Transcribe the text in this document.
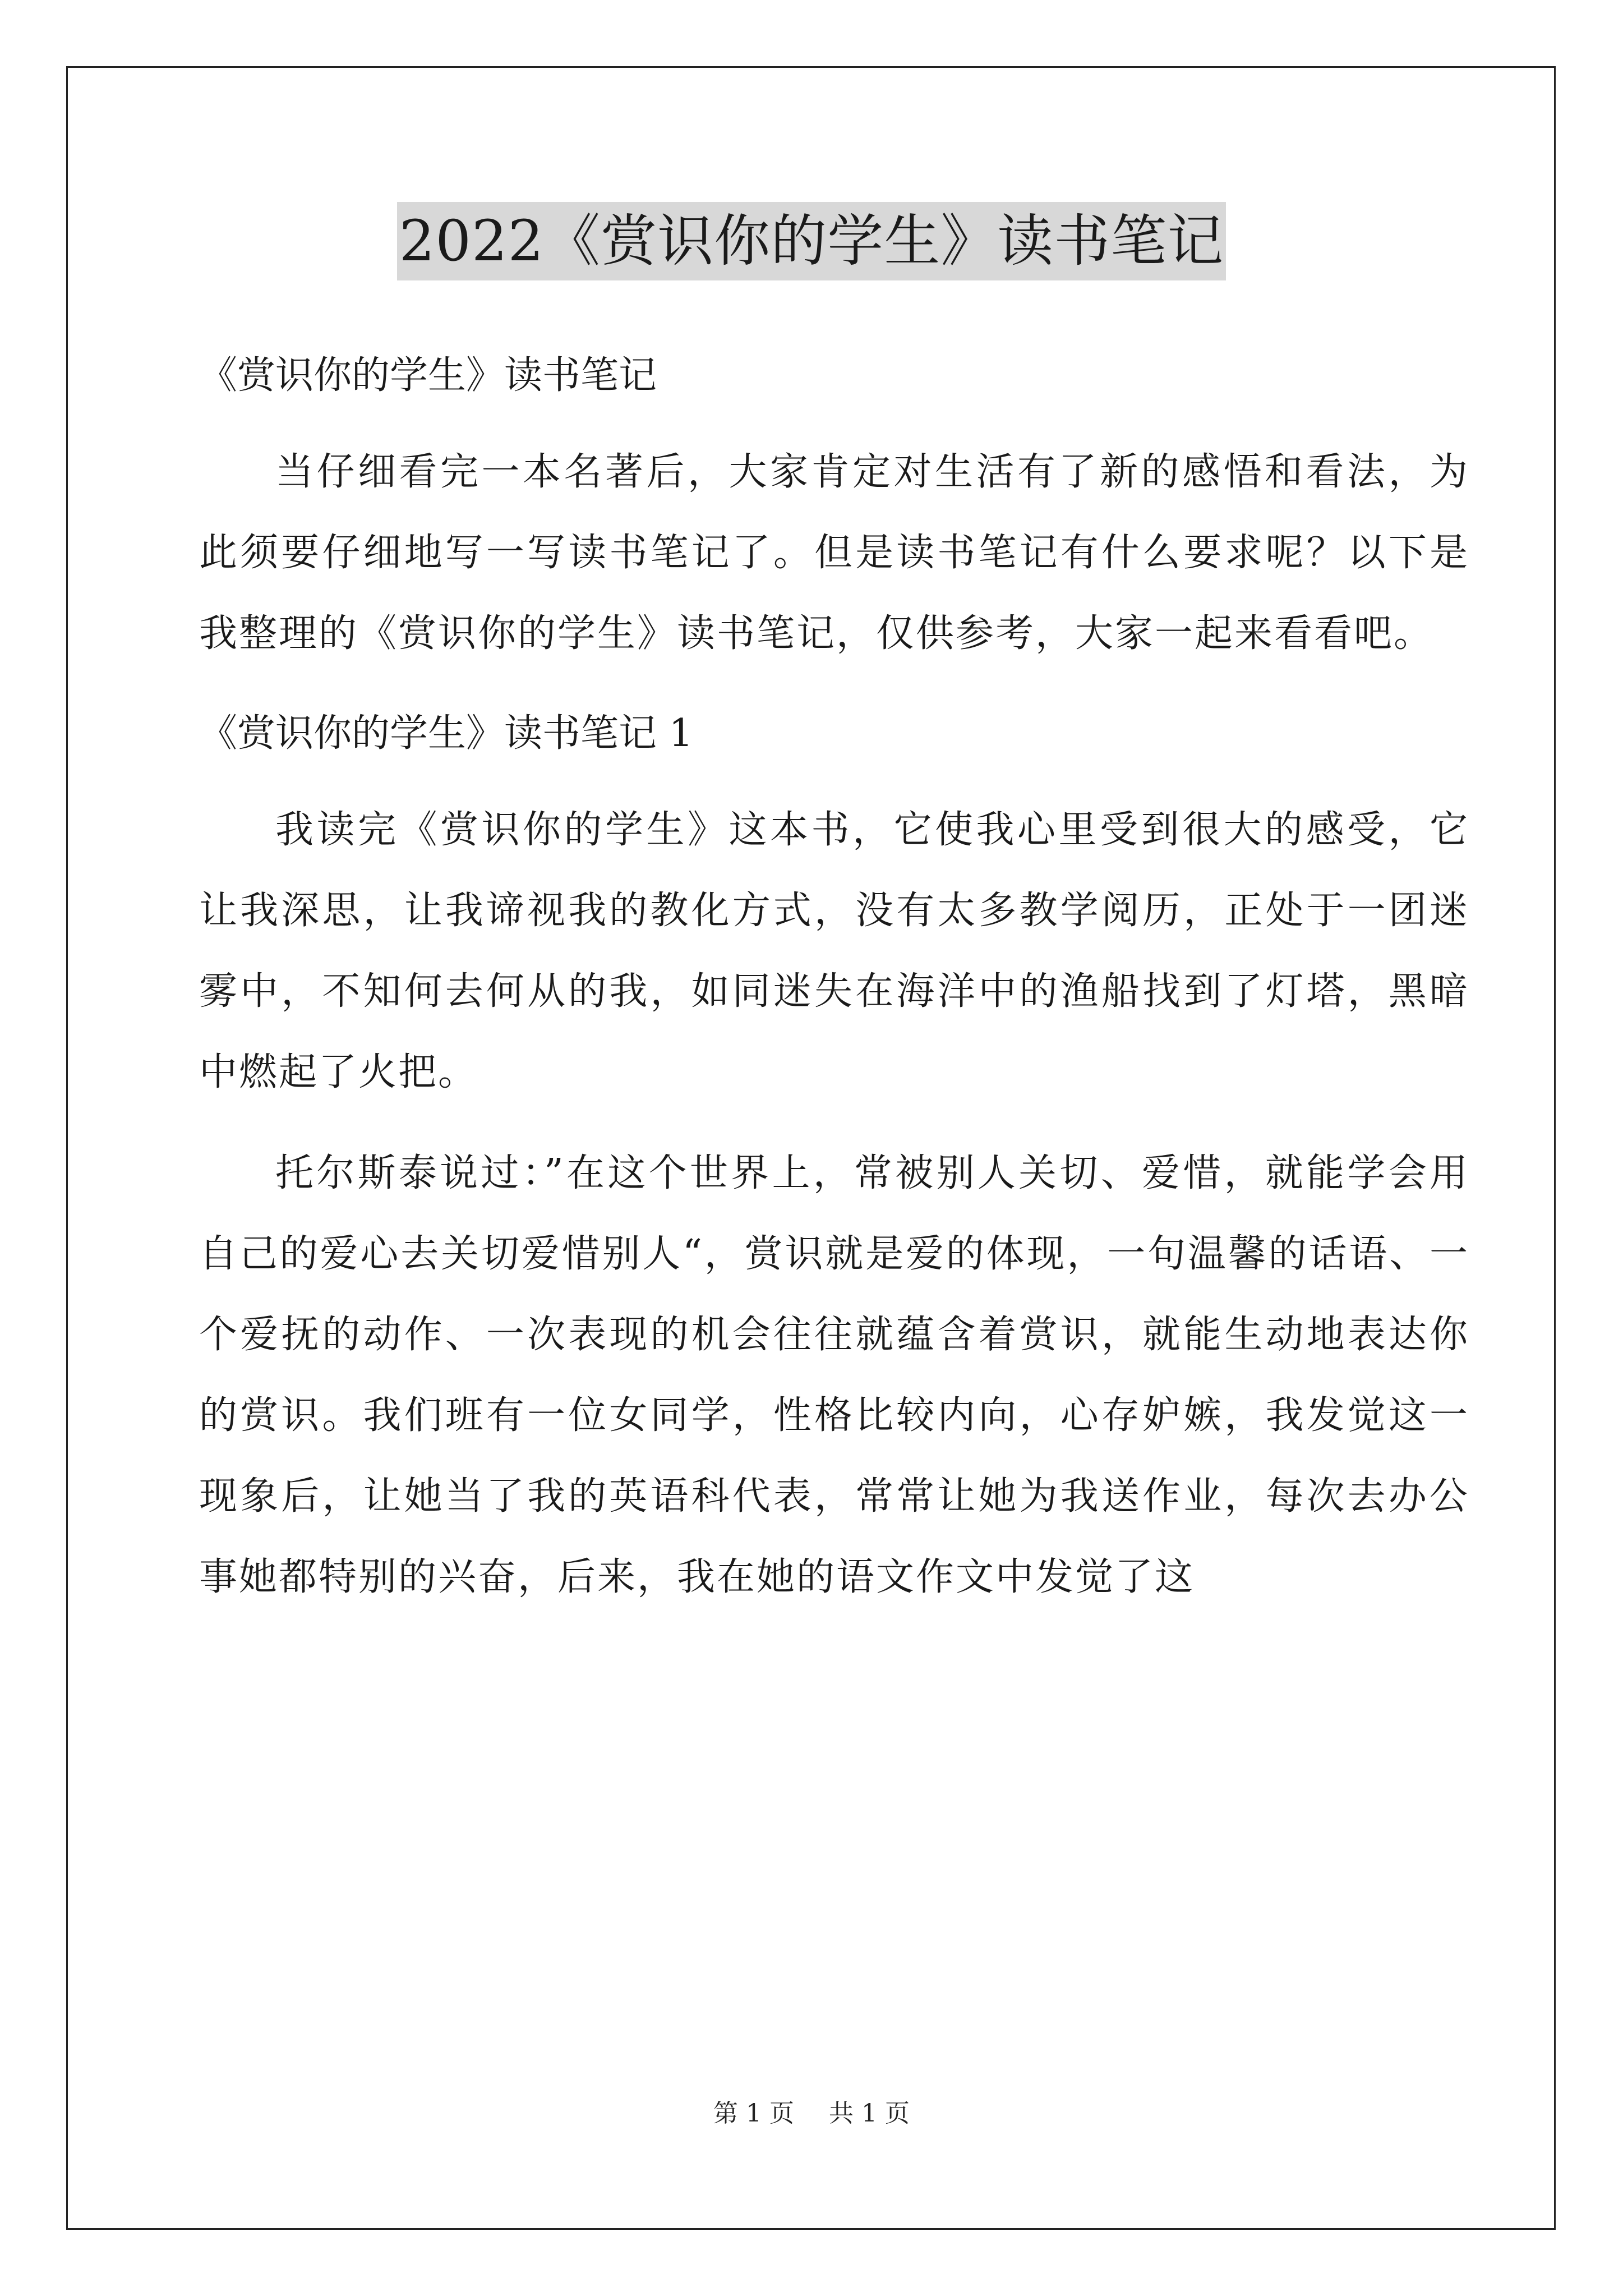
2022《赏识你的学生》读书笔记

《赏识你的学生》读书笔记

当仔细看完一本名著后，大家肯定对生活有了新的感悟和看法，为此须要仔细地写一写读书笔记了。但是读书笔记有什么要求呢？以下是我整理的《赏识你的学生》读书笔记，仅供参考，大家一起来看看吧。

《赏识你的学生》读书笔记 1

我读完《赏识你的学生》这本书，它使我心里受到很大的感受，它让我深思，让我谛视我的教化方式，没有太多教学阅历，正处于一团迷雾中，不知何去何从的我，如同迷失在海洋中的渔船找到了灯塔，黑暗中燃起了火把。

托尔斯泰说过：”在这个世界上，常被别人关切、爱惜，就能学会用自己的爱心去关切爱惜别人“，赏识就是爱的体现，一句温馨的话语、一个爱抚的动作、一次表现的机会往往就蕴含着赏识，就能生动地表达你的赏识。我们班有一位女同学，性格比较内向，心存妒嫉，我发觉这一现象后，让她当了我的英语科代表，常常让她为我送作业，每次去办公事她都特别的兴奋，后来，我在她的语文作文中发觉了这

第 1 页 共 1 页
